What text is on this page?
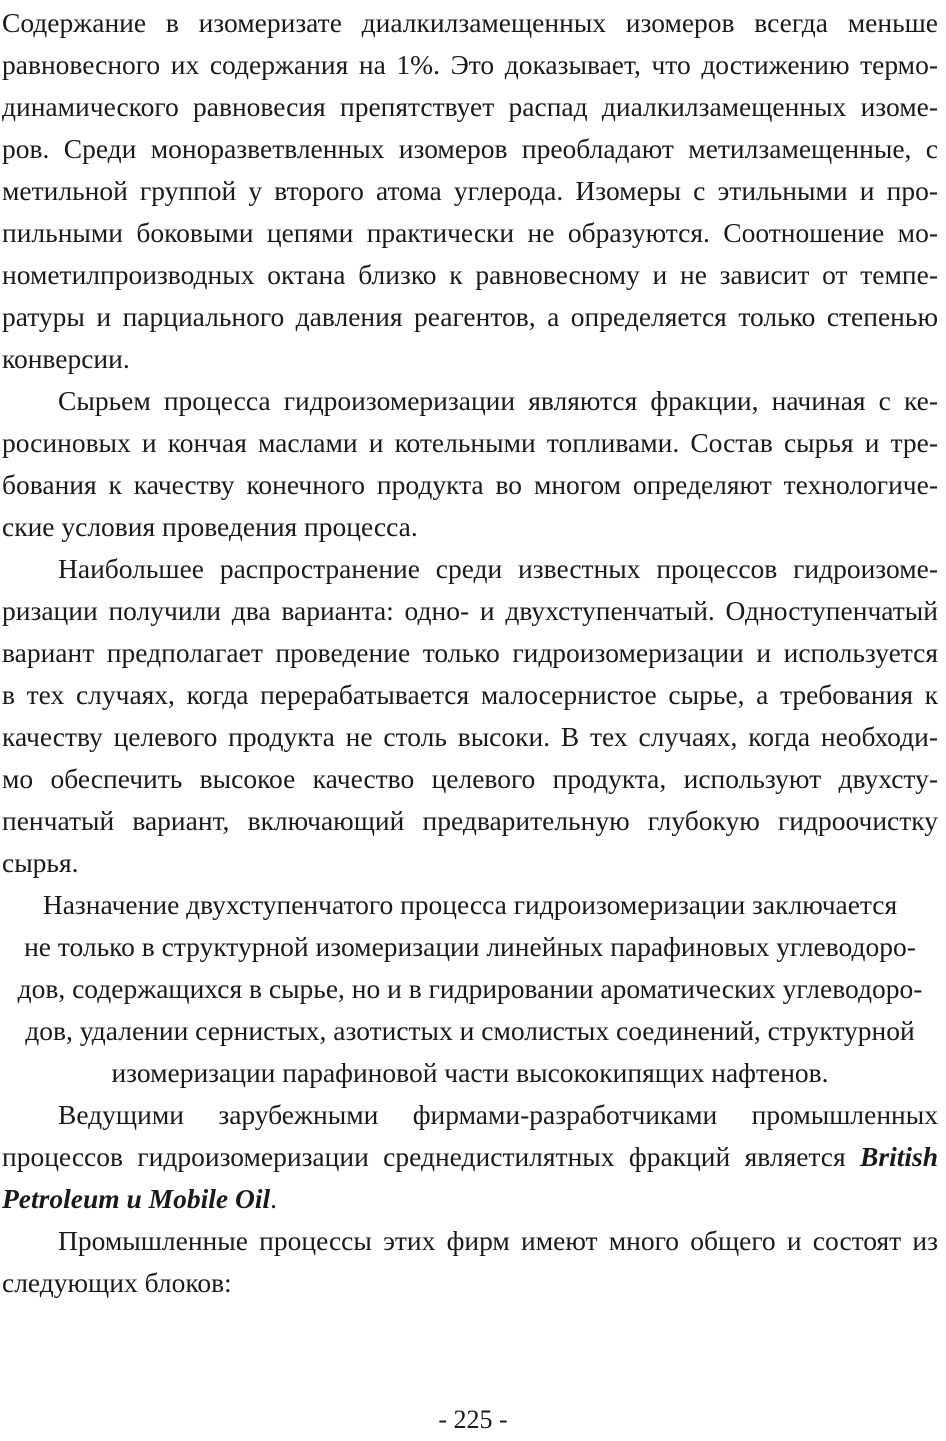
Содержание в изомеризате диалкилзамещенных изомеров всегда меньше
равновесного их содержания на 1%. Это доказывает, что достижению термо-
динамического равновесия препятствует распад диалкилзамещенных изоме-
ров. Среди моноразветвленных изомеров преобладают метилзамещенные, с
метильной группой у второго атома углерода. Изомеры с этильными и про-
пильными боковыми цепями практически не образуются. Соотношение мо-
нометилпроизводных октана близко к равновесному и не зависит от темпе-
ратуры и парциального давления реагентов, а определяется только степенью
конверсии.
Сырьем процесса гидроизомеризации являются фракции, начиная с ке-
росиновых и кончая маслами и котельными топливами. Состав сырья и тре-
бования к качеству конечного продукта во многом определяют технологиче-
ские условия проведения процесса.
Наибольшее распространение среди известных процессов гидроизоме-
ризации получили два варианта: одно- и двухступенчатый. Одноступенчатый
вариант предполагает проведение только гидроизомеризации и используется
в тех случаях, когда перерабатывается малосернистое сырье, а требования к
качеству целевого продукта не столь высоки. В тех случаях, когда необходи-
мо обеспечить высокое качество целевого продукта, используют двухсту-
пенчатый вариант, включающий предварительную глубокую гидроочистку
сырья.
Назначение двухступенчатого процесса гидроизомеризации заключается
не только в структурной изомеризации линейных парафиновых углеводоро-
дов, содержащихся в сырье, но и в гидрировании ароматических углеводоро-
дов, удалении сернистых, азотистых и смолистых соединений, структурной
изомеризации парафиновой части высококипящих нафтенов.
Ведущими зарубежными фирмами-разработчиками промышленных
процессов гидроизомеризации среднедистилятных фракций является British
Petroleum и Mobile Oil.
Промышленные процессы этих фирм имеют много общего и состоят из
следующих блоков:
- 225 -
